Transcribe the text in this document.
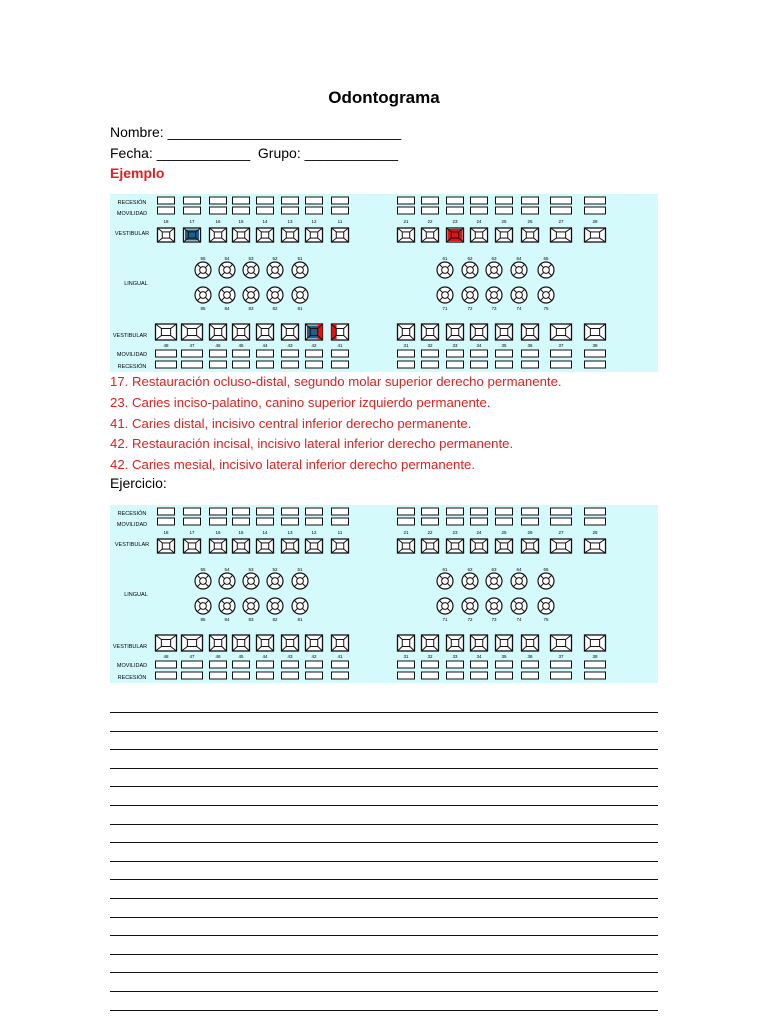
Odontograma
Nombre: ______________________________
Fecha: ____________  Grupo: ____________
Ejemplo
RECESIÓN
MOVILIDAD
VESTIBULAR
LINGUAL
VESTIBULAR
MOVILIDAD
RECESIÓN
18	17	16	15	14	13	12	11	21	22	23	24	25	26	27	28
55	54	53	52	51	61	62	63	64	65
85	84	83	82	81	71	72	73	74	75
48	47	46	45	44	43	42	41	31	32	33	34	35	36	37	38
17. Restauración ocluso-distal, segundo molar superior derecho permanente.
23. Caries inciso-palatino, canino superior izquierdo permanente.
41. Caries distal, incisivo central inferior derecho permanente.
42. Restauración incisal, incisivo lateral inferior derecho permanente.
42. Caries mesial, incisivo lateral inferior derecho permanente.
Ejercicio:
RECESIÓN
MOVILIDAD
VESTIBULAR
LINGUAL
VESTIBULAR
MOVILIDAD
RECESIÓN
18	17	16	15	14	13	12	11	21	22	23	24	25	26	27	28
55	54	53	52	51	61	62	63	64	65
85	84	83	82	81	71	72	73	74	75
48	47	46	45	44	43	42	41	31	32	33	34	35	36	37	38
